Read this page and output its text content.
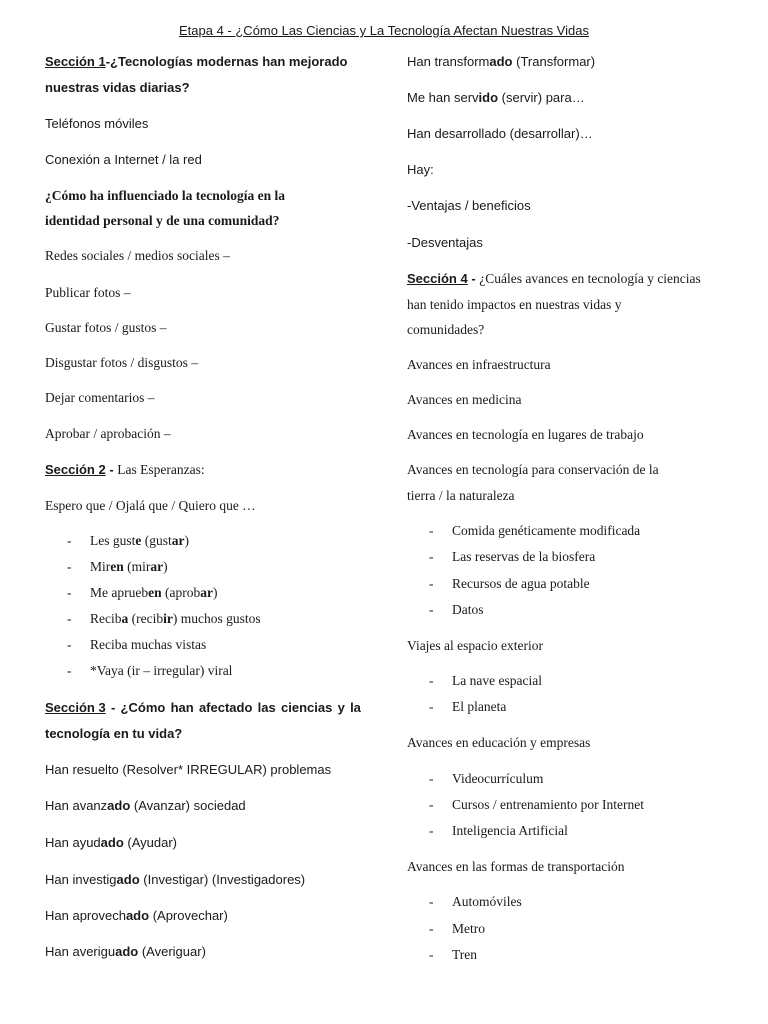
Etapa 4 - ¿Cómo Las Ciencias y La Tecnología Afectan Nuestras Vidas
Sección 1-¿Tecnologías modernas han mejorado
nuestras vidas diarias?
Teléfonos móviles
Conexión a Internet / la red
¿Cómo ha influenciado la tecnología en la
identidad personal y de una comunidad?
Redes sociales / medios sociales –
Publicar fotos –
Gustar fotos / gustos –
Disgustar fotos / disgustos –
Dejar comentarios –
Aprobar / aprobación –
Sección 2 - Las Esperanzas:
Espero que / Ojalá que / Quiero que …
- Les guste (gustar)
- Miren (mirar)
- Me aprueben (aprobar)
- Reciba (recibir) muchos gustos
- Reciba muchas vistas
- *Vaya (ir – irregular) viral
Sección 3 - ¿Cómo han afectado las ciencias y la
tecnología en tu vida?
Han resuelto (Resolver* IRREGULAR) problemas
Han avanzado (Avanzar) sociedad
Han ayudado (Ayudar)
Han investigado (Investigar) (Investigadores)
Han aprovechado (Aprovechar)
Han averiguado (Averiguar)
Han transformado (Transformar)
Me han servido (servir) para…
Han desarrollado (desarrollar)…
Hay:
-Ventajas / beneficios
-Desventajas
Sección 4 - ¿Cuáles avances en tecnología y ciencias
han tenido impactos en nuestras vidas y
comunidades?
Avances en infraestructura
Avances en medicina
Avances en tecnología en lugares de trabajo
Avances en tecnología para conservación de la
tierra / la naturaleza
- Comida genéticamente modificada
- Las reservas de la biosfera
- Recursos de agua potable
- Datos
Viajes al espacio exterior
- La nave espacial
- El planeta
Avances en educación y empresas
- Videocurrículum
- Cursos / entrenamiento por Internet
- Inteligencia Artificial
Avances en las formas de transportación
- Automóviles
- Metro
- Tren
